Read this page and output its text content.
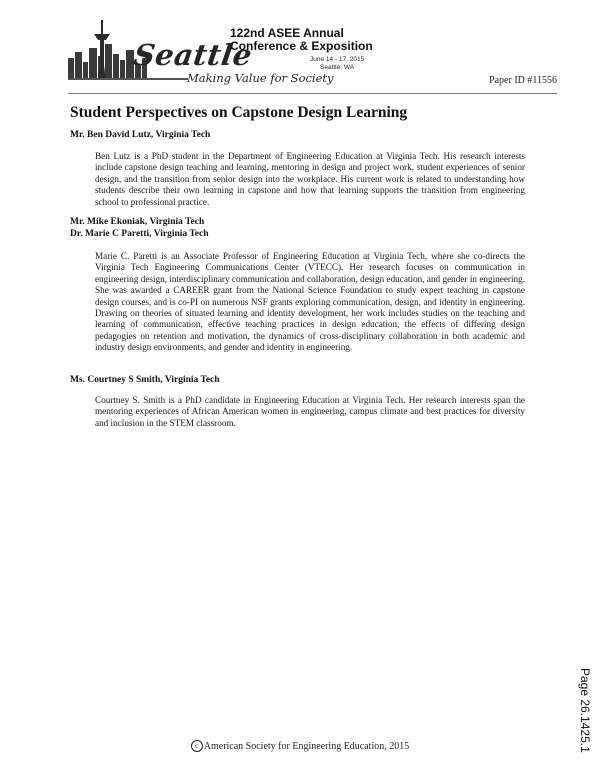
Seattle
Making Value for Society
122nd ASEE Annual
Conference & Exposition
June 14 - 17, 2015
Seattle, WA
Paper ID #11556
Student Perspectives on Capstone Design Learning

Mr. Ben David Lutz, Virginia Tech

Ben Lutz is a PhD student in the Department of Engineering Education at Virginia Tech. His research interests include capstone design teaching and learning, mentoring in design and project work, student experiences of senior design, and the transition from senior design into the workplace. His current work is related to understanding how students describe their own learning in capstone and how that learning supports the transition from engineering school to professional practice.

Mr. Mike Ekoniak, Virginia Tech

Dr. Marie C Paretti, Virginia Tech

Marie C. Paretti is an Associate Professor of Engineering Education at Virginia Tech, where she co-directs the Virginia Tech Engineering Communications Center (VTECC). Her research focuses on communication in engineering design, interdisciplinary communication and collaboration, design education, and gender in engineering. She was awarded a CAREER grant from the National Science Foundation to study expert teaching in capstone design courses, and is co-PI on numerous NSF grants exploring communication, design, and identity in engineering. Drawing on theories of situated learning and identity development, her work includes studies on the teaching and learning of communication, effective teaching practices in design education, the effects of differing design pedagogies on retention and motivation, the dynamics of cross-disciplinary collaboration in both academic and industry design environments, and gender and identity in engineering.

Ms. Courtney S Smith, Virginia Tech

Courtney S. Smith is a PhD candidate in Engineering Education at Virginia Tech. Her research interests span the mentoring experiences of African American women in engineering, campus climate and best practices for diversity and inclusion in the STEM classroom.

Page 26.1425.1
c American Society for Engineering Education, 2015
